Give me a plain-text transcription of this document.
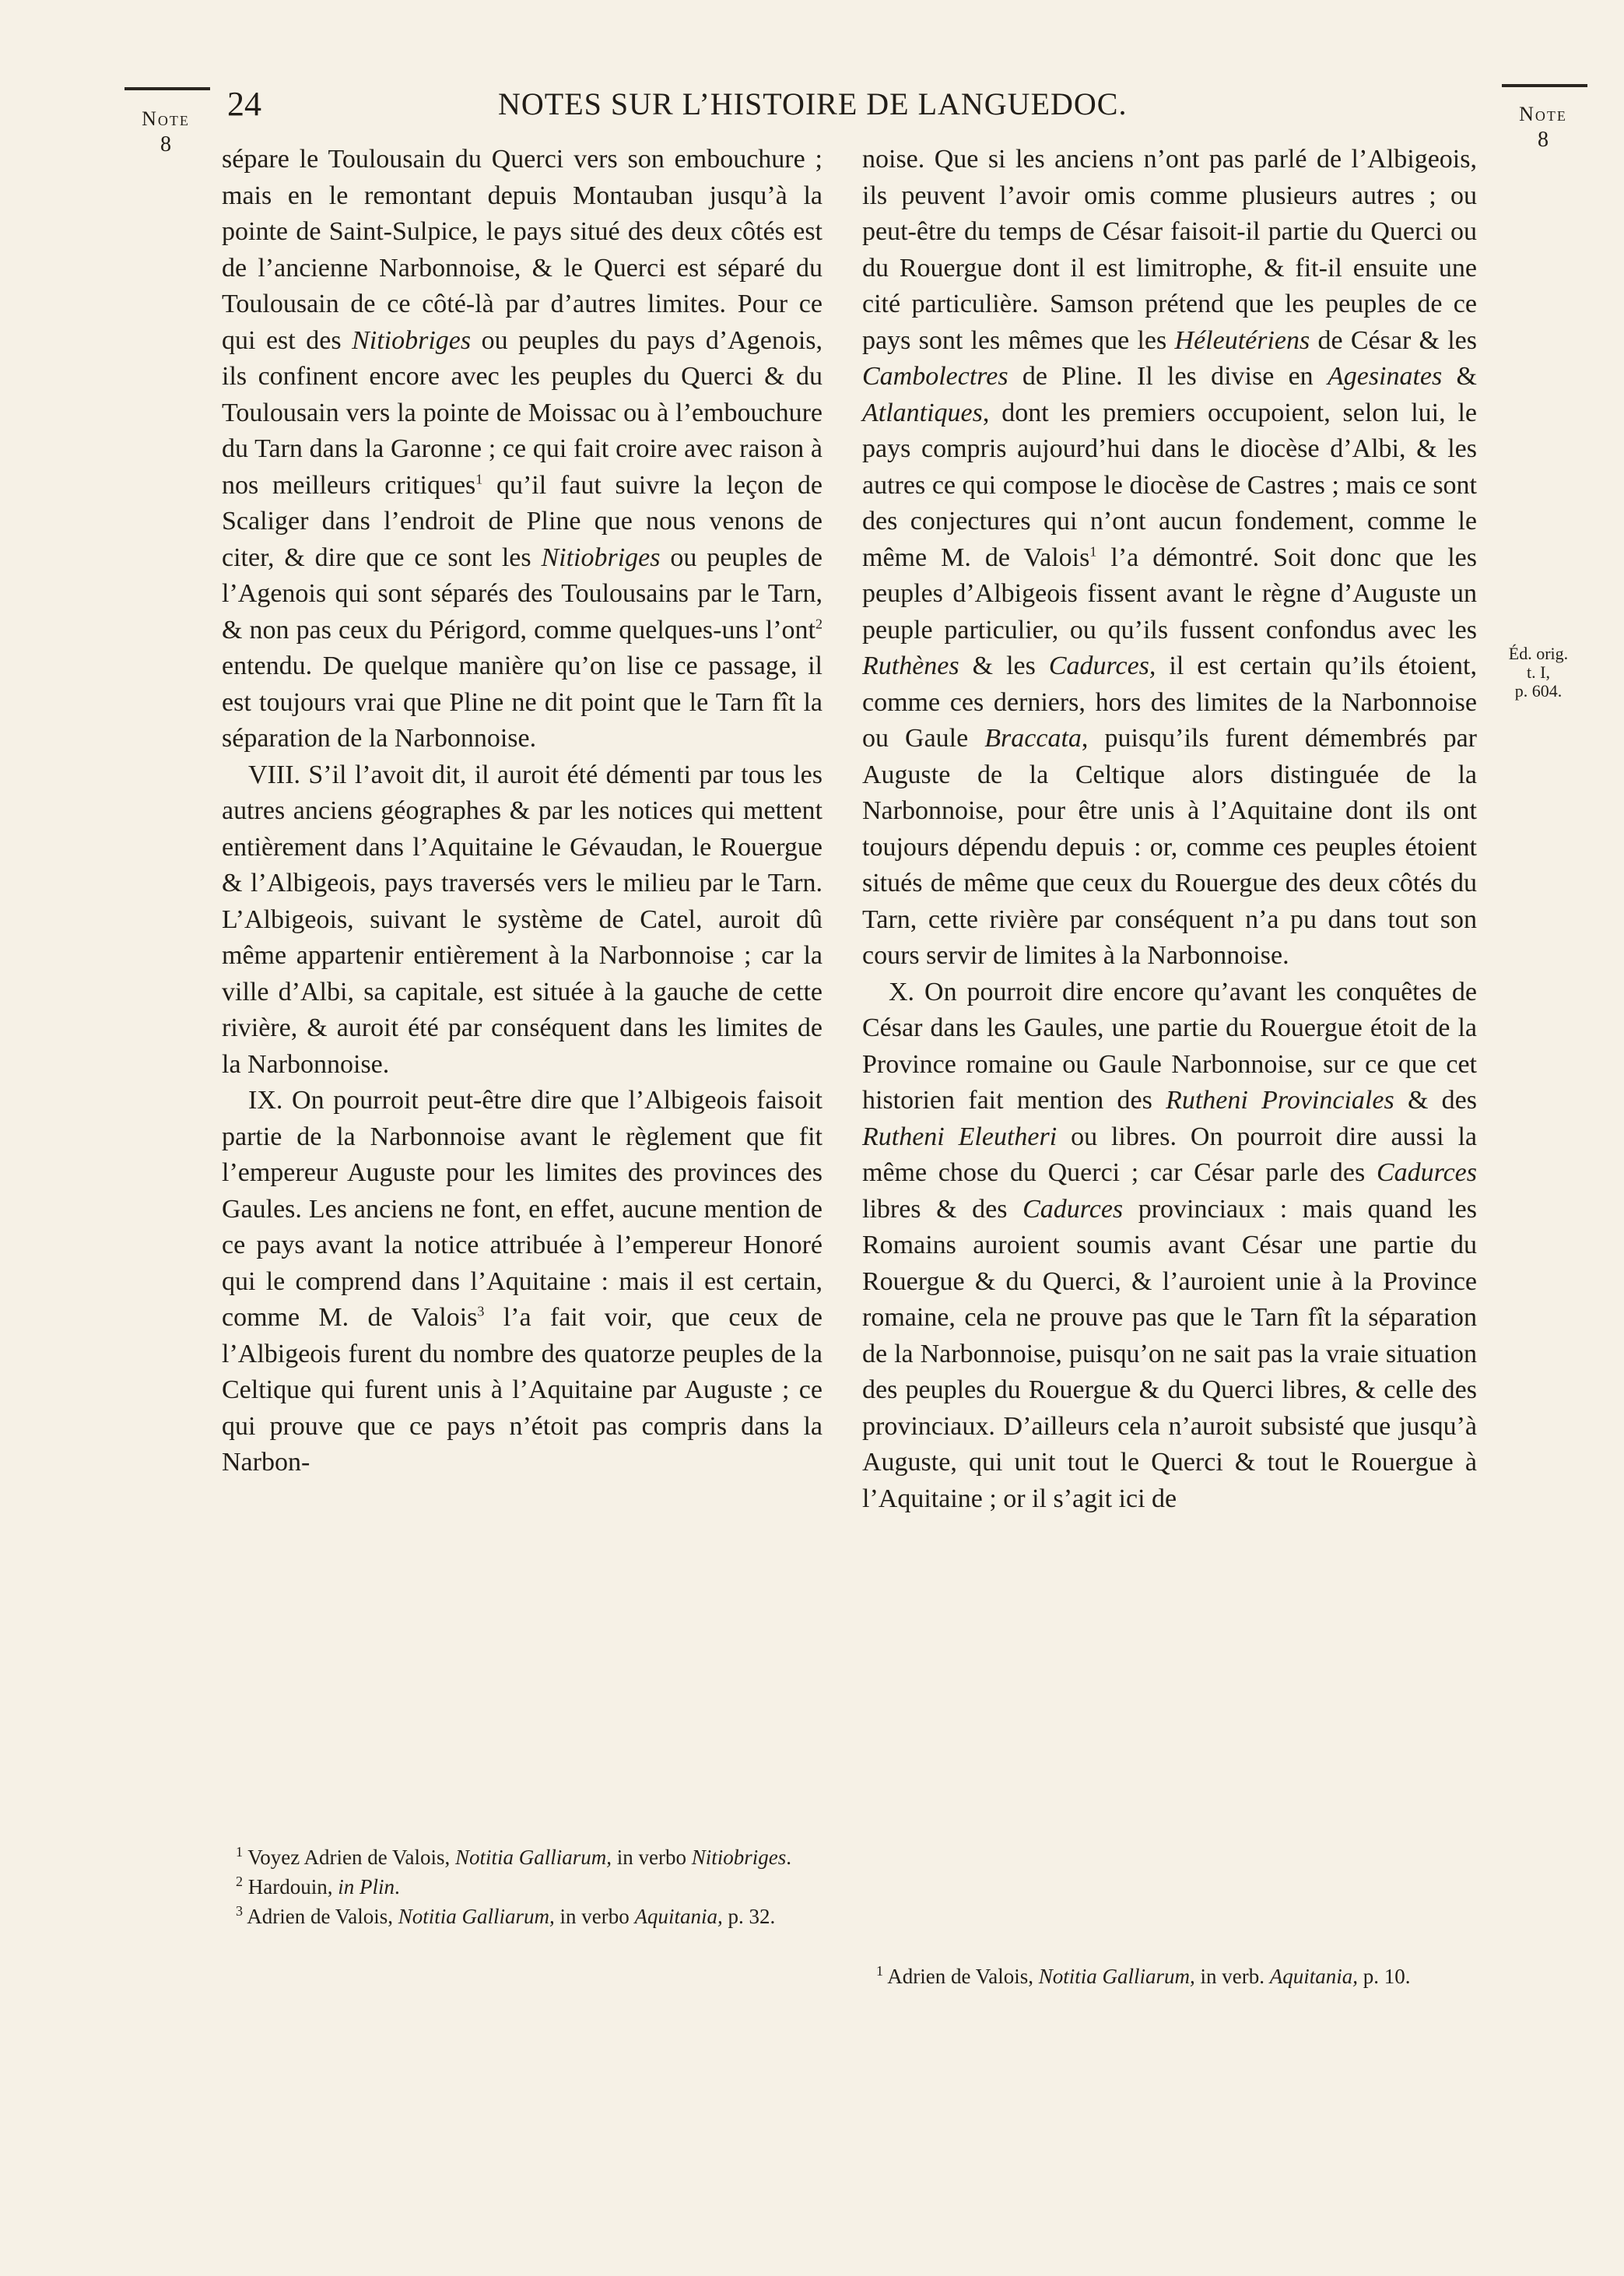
Note
8
24	NOTES SUR L’HISTOIRE DE LANGUEDOC.	Note
8
Éd. orig.
t. I,
p. 604.

sépare le Toulousain du Querci vers son embouchure ; mais en le remontant depuis Montauban jusqu’à la pointe de Saint-Sulpice, le pays situé des deux côtés est de l’ancienne Narbonnoise, & le Querci est séparé du Toulousain de ce côté-là par d’autres limites. Pour ce qui est des Nitiobriges ou peuples du pays d’Agenois, ils confinent encore avec les peuples du Querci & du Toulousain vers la pointe de Moissac ou à l’embouchure du Tarn dans la Garonne ; ce qui fait croire avec raison à nos meilleurs critiques$^1$ qu’il faut suivre la leçon de Scaliger dans l’endroit de Pline que nous venons de citer, & dire que ce sont les Nitiobriges ou peuples de l’Agenois qui sont séparés des Toulousains par le Tarn, & non pas ceux du Périgord, comme quelques-uns l’ont$^2$ entendu. De quelque manière qu’on lise ce passage, il est toujours vrai que Pline ne dit point que le Tarn fît la séparation de la Narbonnoise.

VIII. S’il l’avoit dit, il auroit été démenti par tous les autres anciens géographes & par les notices qui mettent entièrement dans l’Aquitaine le Gévaudan, le Rouergue & l’Albigeois, pays traversés vers le milieu par le Tarn. L’Albigeois, suivant le système de Catel, auroit dû même appartenir entièrement à la Narbonnoise ; car la ville d’Albi, sa capitale, est située à la gauche de cette rivière, & auroit été par conséquent dans les limites de la Narbonnoise.

IX. On pourroit peut-être dire que l’Albigeois faisoit partie de la Narbonnoise avant le règlement que fit l’empereur Auguste pour les limites des provinces des Gaules. Les anciens ne font, en effet, aucune mention de ce pays avant la notice attribuée à l’empereur Honoré qui le comprend dans l’Aquitaine : mais il est certain, comme M. de Valois$^3$ l’a fait voir, que ceux de l’Albigeois furent du nombre des quatorze peuples de la Celtique qui furent unis à l’Aquitaine par Auguste ; ce qui prouve que ce pays n’étoit pas compris dans la Narbon-

$^1$ Voyez Adrien de Valois, Notitia Galliarum, in verbo Nitiobriges.

$^2$ Hardouin, in Plin.

$^3$ Adrien de Valois, Notitia Galliarum, in verbo Aquitania, p. 32.

noise. Que si les anciens n’ont pas parlé de l’Albigeois, ils peuvent l’avoir omis comme plusieurs autres ; ou peut-être du temps de César faisoit-il partie du Querci ou du Rouergue dont il est limitrophe, & fit-il ensuite une cité particulière. Samson prétend que les peuples de ce pays sont les mêmes que les Héleutériens de César & les Cambolectres de Pline. Il les divise en Agesinates & Atlantiques, dont les premiers occupoient, selon lui, le pays compris aujourd’hui dans le diocèse d’Albi, & les autres ce qui compose le diocèse de Castres ; mais ce sont des conjectures qui n’ont aucun fondement, comme le même M. de Valois$^1$ l’a démontré. Soit donc que les peuples d’Albigeois fissent avant le règne d’Auguste un peuple particulier, ou qu’ils fussent confondus avec les Ruthènes & les Cadurces, il est certain qu’ils étoient, comme ces derniers, hors des limites de la Narbonnoise ou Gaule Braccata, puisqu’ils furent démembrés par Auguste de la Celtique alors distinguée de la Narbonnoise, pour être unis à l’Aquitaine dont ils ont toujours dépendu depuis : or, comme ces peuples étoient situés de même que ceux du Rouergue des deux côtés du Tarn, cette rivière par conséquent n’a pu dans tout son cours servir de limites à la Narbonnoise.

X. On pourroit dire encore qu’avant les conquêtes de César dans les Gaules, une partie du Rouergue étoit de la Province romaine ou Gaule Narbonnoise, sur ce que cet historien fait mention des Rutheni Provinciales & des Rutheni Eleutheri ou libres. On pourroit dire aussi la même chose du Querci ; car César parle des Cadurces libres & des Cadurces provinciaux : mais quand les Romains auroient soumis avant César une partie du Rouergue & du Querci, & l’auroient unie à la Province romaine, cela ne prouve pas que le Tarn fît la séparation de la Narbonnoise, puisqu’on ne sait pas la vraie situation des peuples du Rouergue & du Querci libres, & celle des provinciaux. D’ailleurs cela n’auroit subsisté que jusqu’à Auguste, qui unit tout le Querci & tout le Rouergue à l’Aquitaine ; or il s’agit ici de

$^1$ Adrien de Valois, Notitia Galliarum, in verb. Aquitania, p. 10.
